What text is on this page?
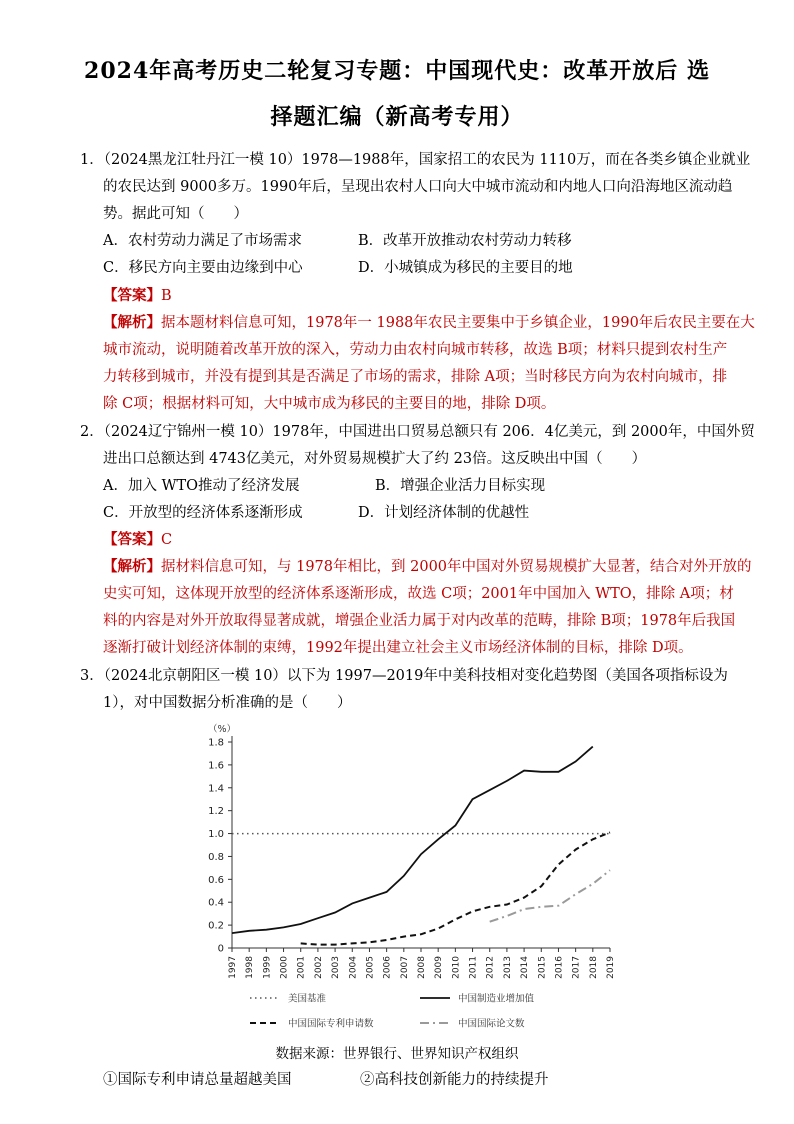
2024年高考历史二轮复习专题：中国现代史：改革开放后 选
择题汇编（新高考专用）
1．（2024黑龙江牡丹江一模 10）1978—1988年，国家招工的农民为 1110万，而在各类乡镇企业就业
的农民达到 9000多万。1990年后，呈现出农村人口向大中城市流动和内地人口向沿海地区流动趋
势。据此可知（　　）
A．农村劳动力满足了市场需求	B．改革开放推动农村劳动力转移
C．移民方向主要由边缘到中心	D．小城镇成为移民的主要目的地
【答案】B
【解析】据本题材料信息可知，1978年一 1988年农民主要集中于乡镇企业，1990年后农民主要在大
城市流动，说明随着改革开放的深入，劳动力由农村向城市转移，故选 B项；材料只提到农村生产
力转移到城市，并没有提到其是否满足了市场的需求，排除 A项；当时移民方向为农村向城市，排
除 C项；根据材料可知，大中城市成为移民的主要目的地，排除 D项。
2．（2024辽宁锦州一模 10）1978年，中国进出口贸易总额只有 206．4亿美元，到 2000年，中国外贸
进出口总额达到 4743亿美元，对外贸易规模扩大了约 23倍。这反映出中国（　　）
A．加入 WTO推动了经济发展	B．增强企业活力目标实现
C．开放型的经济体系逐渐形成	D．计划经济体制的优越性
【答案】C
【解析】据材料信息可知，与 1978年相比，到 2000年中国对外贸易规模扩大显著，结合对外开放的
史实可知，这体现开放型的经济体系逐渐形成，故选 C项；2001年中国加入 WTO，排除 A项；材
料的内容是对外开放取得显著成就，增强企业活力属于对内改革的范畴，排除 B项；1978年后我国
逐渐打破计划经济体制的束缚，1992年提出建立社会主义市场经济体制的目标，排除 D项。
3．（2024北京朝阳区一模 10）以下为 1997—2019年中美科技相对变化趋势图（美国各项指标设为
1），对中国数据分析准确的是（　　）
（%）
0
0.2
0.4
0.6
0.8
1.0
1.2
1.4
1.6
1.8
1997 1998 1999 2000 2001 2002 2003 2004 2005 2006 2007 2008 2009 2010 2011 2012 2013 2014 2015 2016 2017 2018 2019
美国基准	中国制造业增加值
中国国际专利申请数	中国国际论文数
数据来源：世界银行、世界知识产权组织
①国际专利申请总量超越美国	②高科技创新能力的持续提升
